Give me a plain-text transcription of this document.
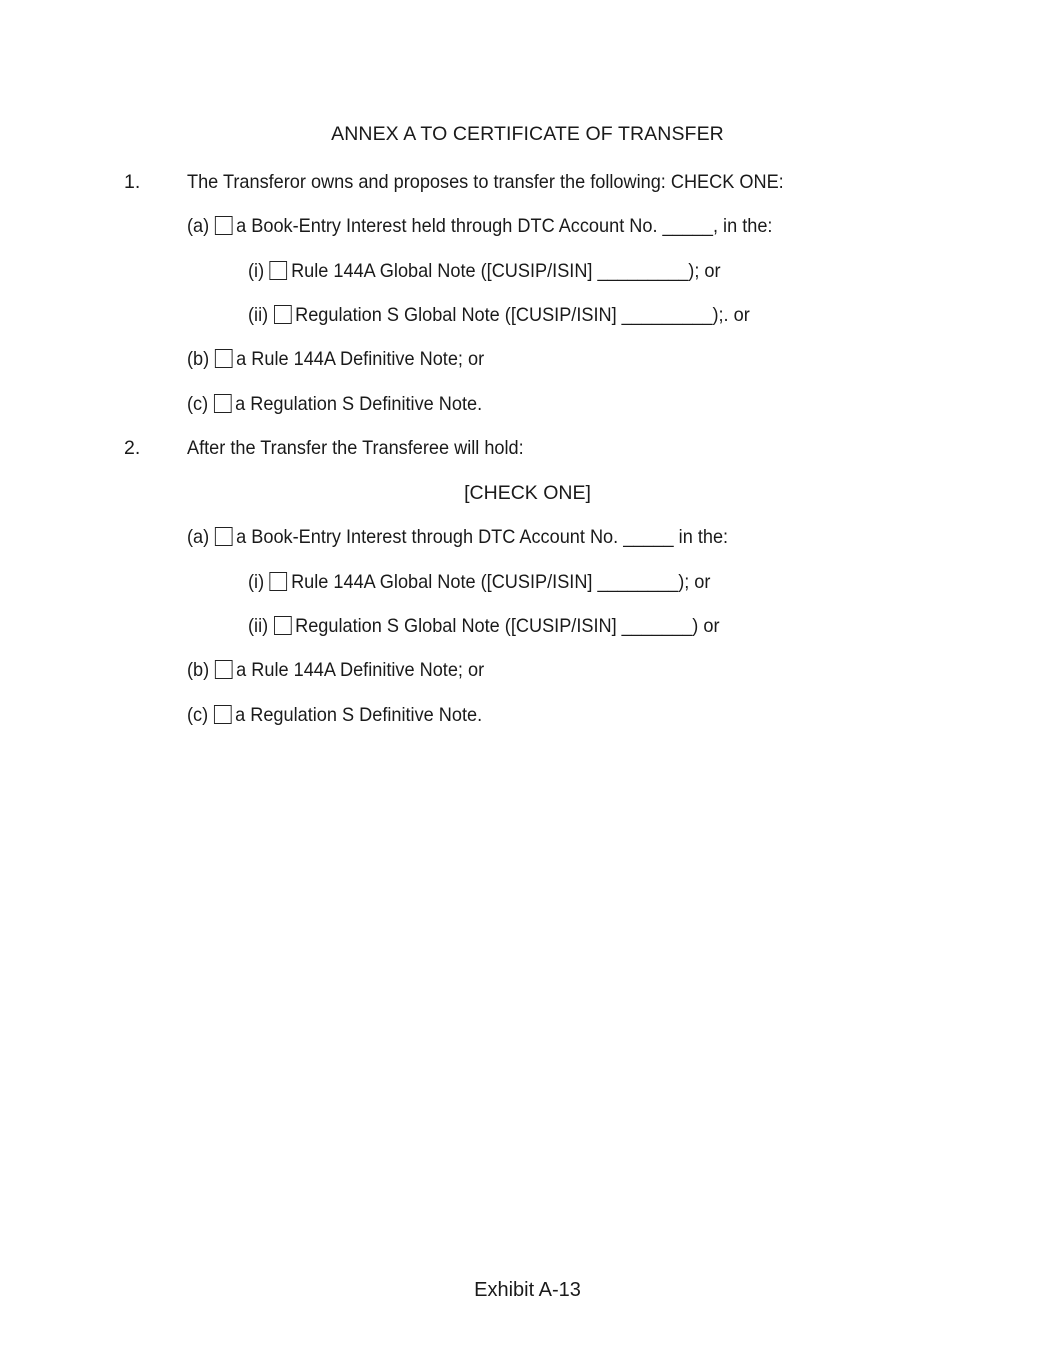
ANNEX A TO CERTIFICATE OF TRANSFER
1. The Transferor owns and proposes to transfer the following: CHECK ONE:
(a) a Book-Entry Interest held through DTC Account No. _____, in the:
(i) Rule 144A Global Note ([CUSIP/ISIN] _________); or
(ii) Regulation S Global Note ([CUSIP/ISIN] _________);. or
(b) a Rule 144A Definitive Note; or
(c) a Regulation S Definitive Note.
2. After the Transfer the Transferee will hold:
[CHECK ONE]
(a) a Book-Entry Interest through DTC Account No. _____ in the:
(i) Rule 144A Global Note ([CUSIP/ISIN] ________); or
(ii) Regulation S Global Note ([CUSIP/ISIN] _______) or
(b) a Rule 144A Definitive Note; or
(c) a Regulation S Definitive Note.
Exhibit A-13
